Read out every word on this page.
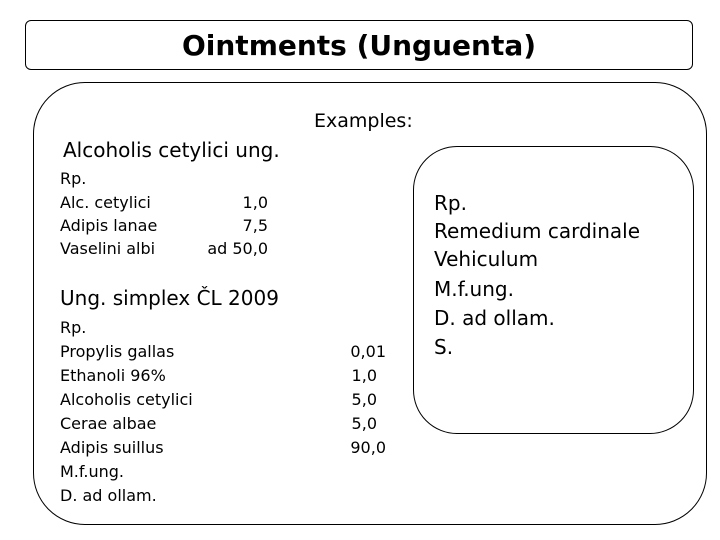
Ointments (Unguenta)
Examples:
Alcoholis cetylici ung.
Rp.
Alc. cetylici	1,0
Adipis lanae	7,5
Vaselini albi	ad 50,0
Ung. simplex ČL 2009
Rp.
Propylis gallas	0,01
Ethanoli 96%	1,0
Alcoholis cetylici	5,0
Cerae albae	5,0
Adipis suillus	90,0
M.f.ung.
D. ad ollam.
Rp.
Remedium cardinale
Vehiculum
M.f.ung.
D. ad ollam.
S.
